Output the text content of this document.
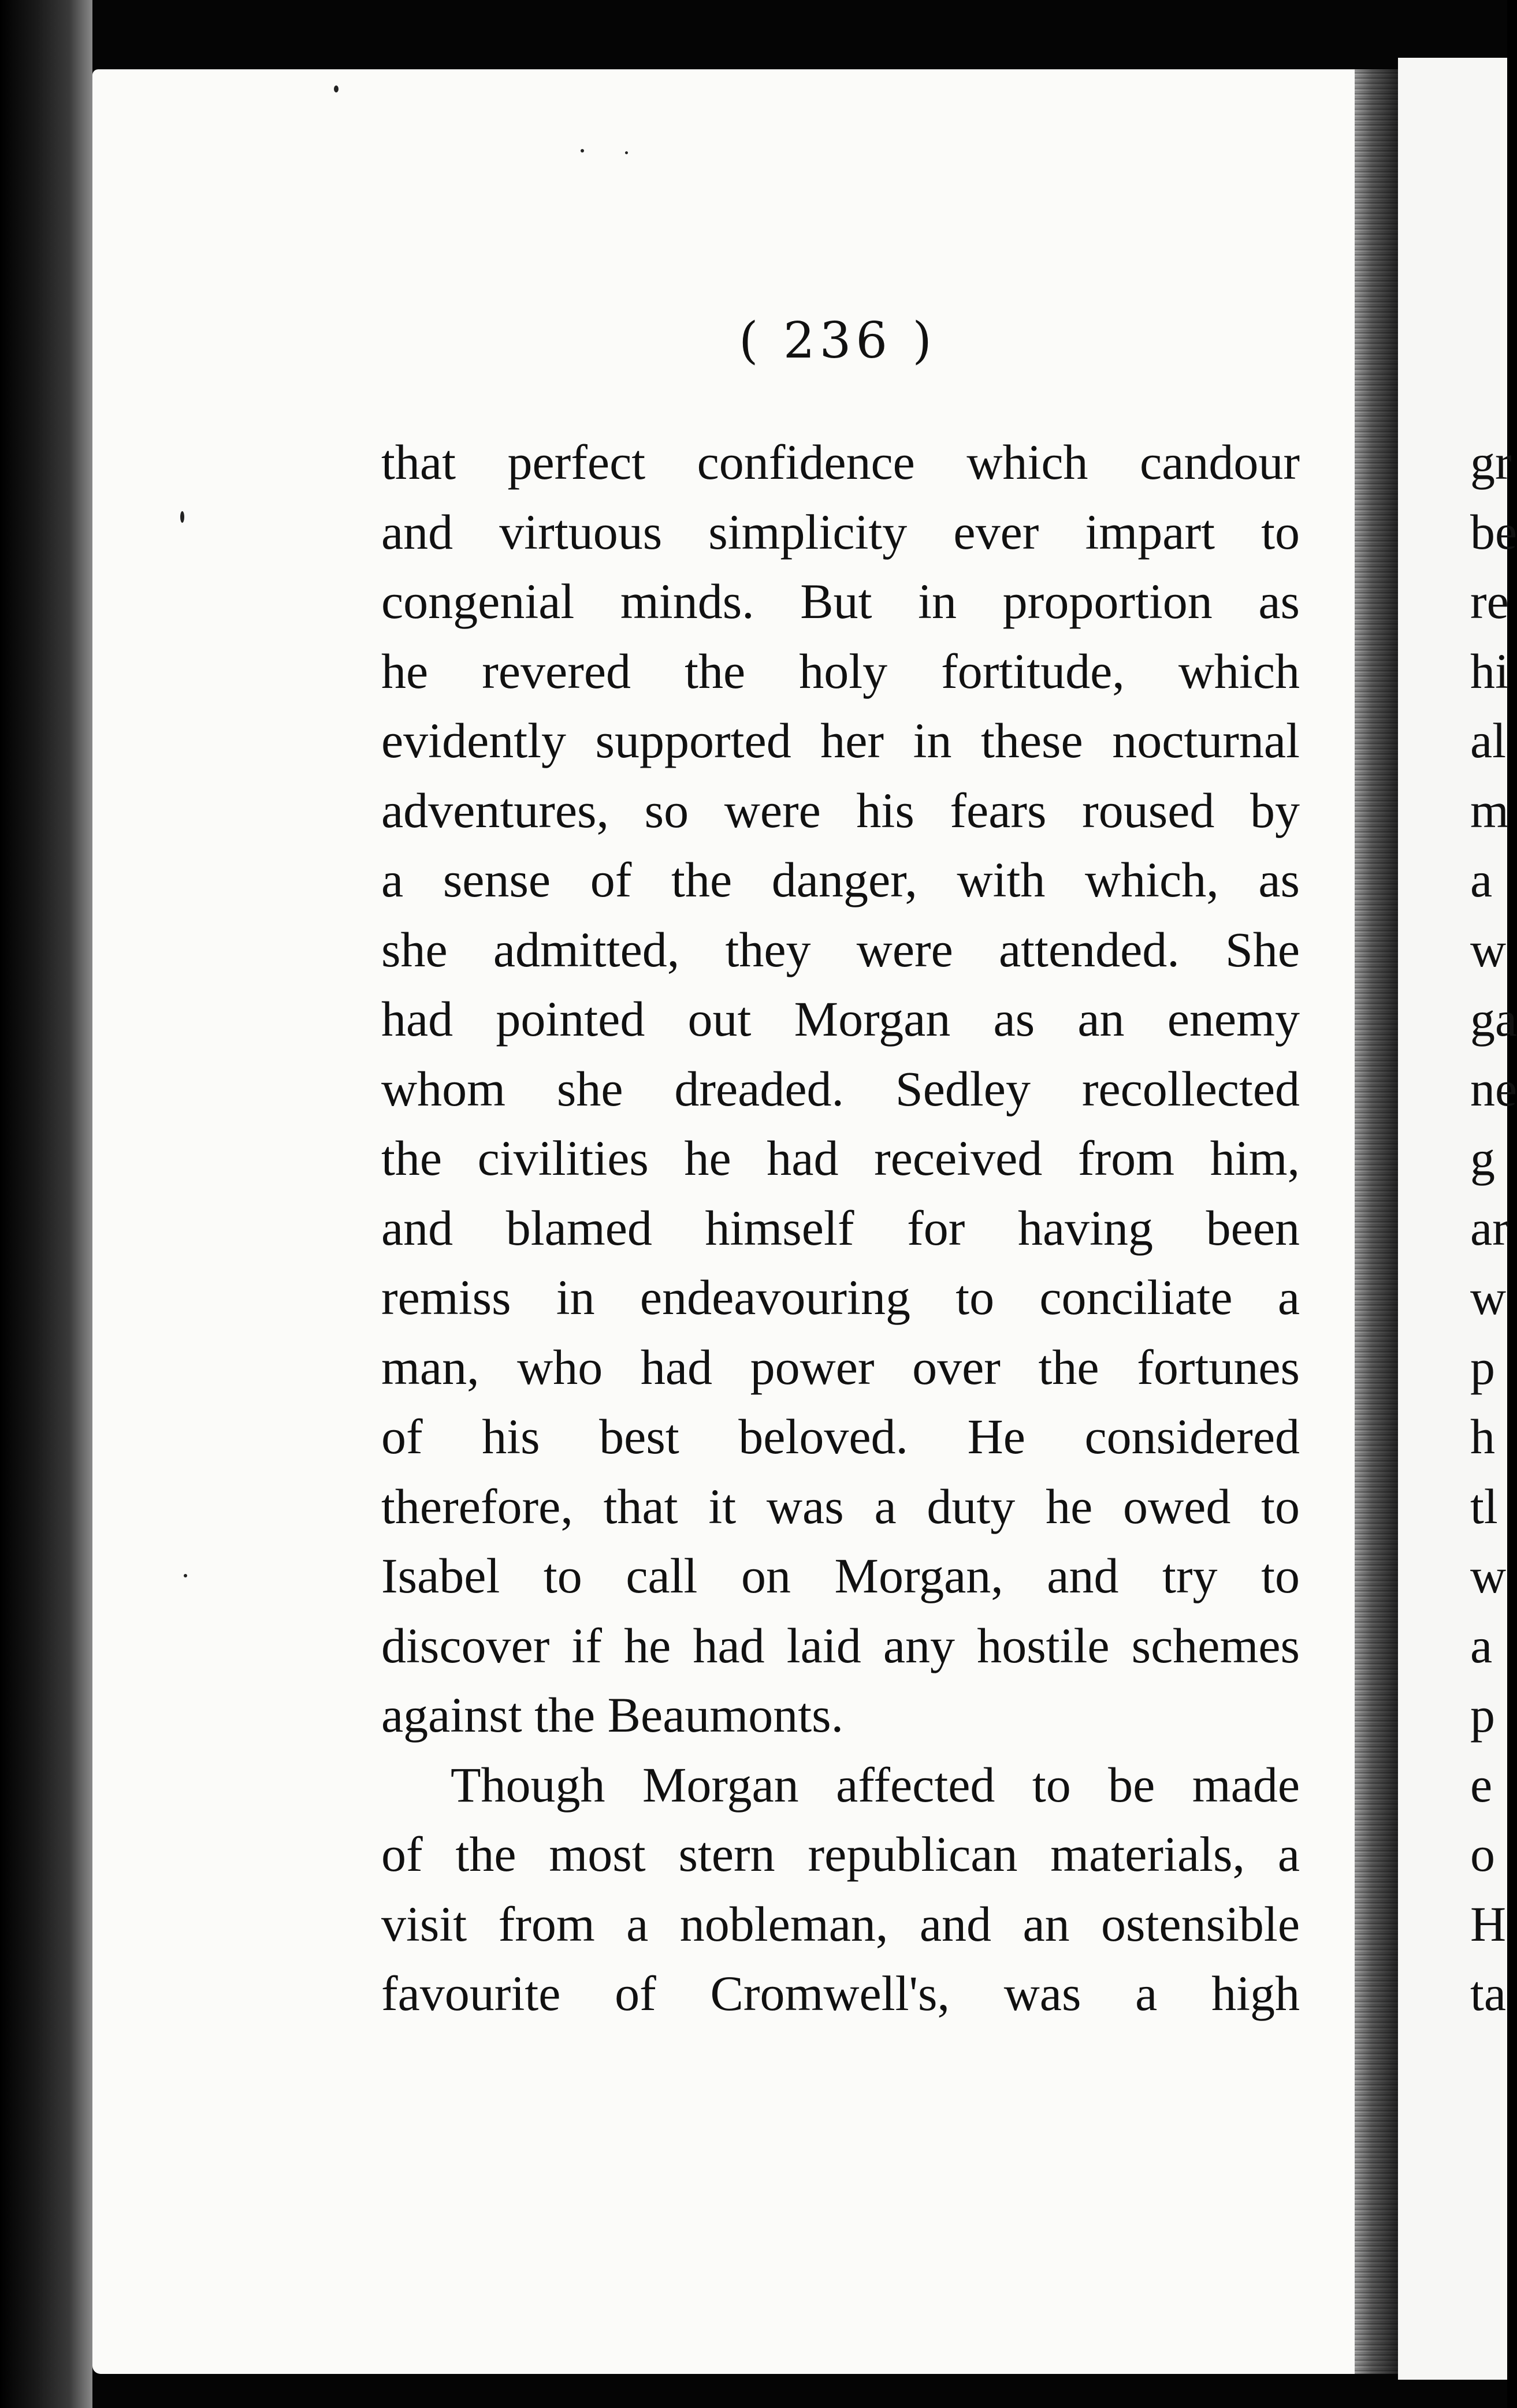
( 236 )
that perfect confidence which candour
and virtuous simplicity ever impart to
congenial minds. But in proportion as
he revered the holy fortitude, which
evidently supported her in these nocturnal
adventures, so were his fears roused by
a sense of the danger, with which, as
she admitted, they were attended. She
had pointed out Morgan as an enemy
whom she dreaded. Sedley recollected
the civilities he had received from him,
and blamed himself for having been
remiss in endeavouring to conciliate a
man, who had power over the fortunes
of his best beloved. He considered
therefore, that it was a duty he owed to
Isabel to call on Morgan, and try to
discover if he had laid any hostile schemes
against the Beaumonts.
Though Morgan affected to be made
of the most stern republican materials, a
visit from a nobleman, and an ostensible
favourite of Cromwell's, was a high
gr
be
re
hi
al
m
a
w
ga
ne
g
ar
w
p
h
tl
w
a
p
e
o
H
ta
